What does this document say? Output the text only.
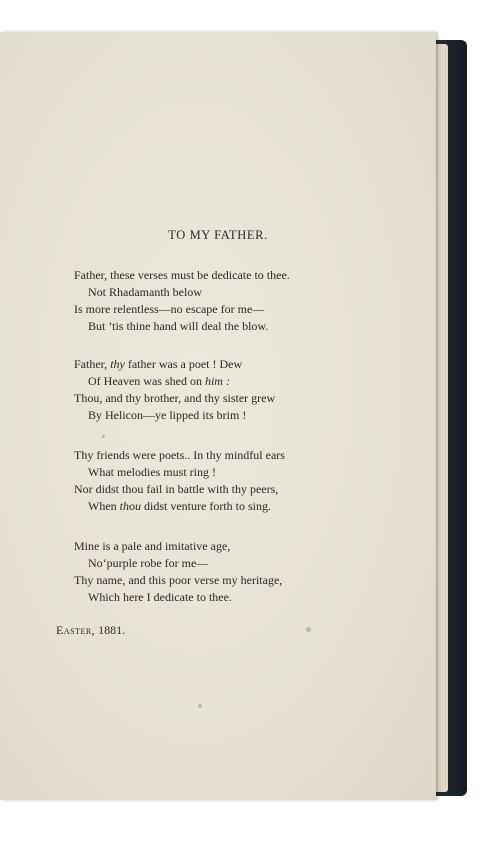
TO MY FATHER.
Father, these verses must be dedicate to thee.
Not Rhadamanth below
Is more relentless—no escape for me—
But ’tis thine hand will deal the blow.
Father, thy father was a poet ! Dew
Of Heaven was shed on him :
Thou, and thy brother, and thy sister grew
By Helicon—ye lipped its brim !
Thy friends were poets.. In thy mindful ears
What melodies must ring !
Nor didst thou fail in battle with thy peers,
When thou didst venture forth to sing.
Mine is a pale and imitative age,
No‘purple robe for me—
Thy name, and this poor verse my heritage,
Which here I dedicate to thee.
Easter, 1881.
